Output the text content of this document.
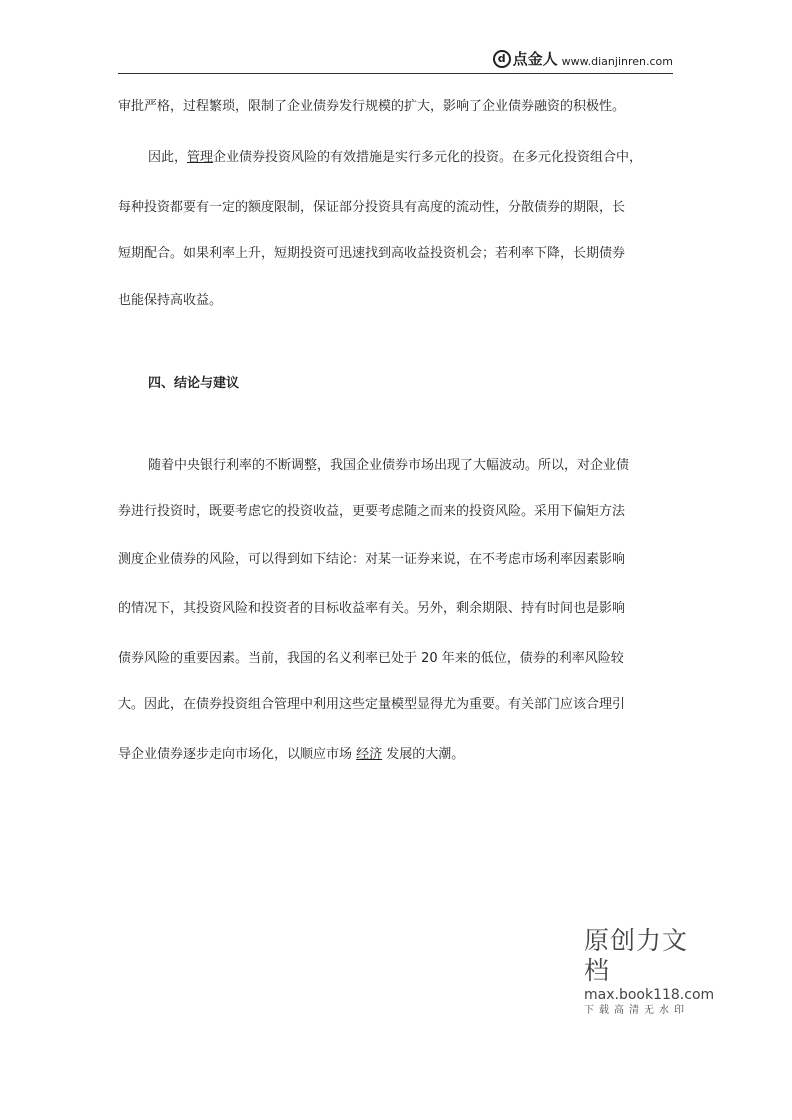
d 点金人 www.dianjinren.com
审批严格，过程繁琐，限制了企业债券发行规模的扩大，影响了企业债券融资的积极性。
因此，管理企业债券投资风险的有效措施是实行多元化的投资。在多元化投资组合中，
每种投资都要有一定的额度限制，保证部分投资具有高度的流动性，分散债券的期限，长
短期配合。如果利率上升，短期投资可迅速找到高收益投资机会；若利率下降，长期债券
也能保持高收益。
四、结论与建议
随着中央银行利率的不断调整，我国企业债券市场出现了大幅波动。所以，对企业债
券进行投资时，既要考虑它的投资收益，更要考虑随之而来的投资风险。采用下偏矩方法
测度企业债券的风险，可以得到如下结论：对某一证券来说，在不考虑市场利率因素影响
的情况下，其投资风险和投资者的目标收益率有关。另外，剩余期限、持有时间也是影响
债券风险的重要因素。当前，我国的名义利率已处于 20 年来的低位，债券的利率风险较
大。因此，在债券投资组合管理中利用这些定量模型显得尤为重要。有关部门应该合理引
导企业债券逐步走向市场化，以顺应市场 经济 发展的大潮。
原创力文档
max.book118.com
下载高清无水印
